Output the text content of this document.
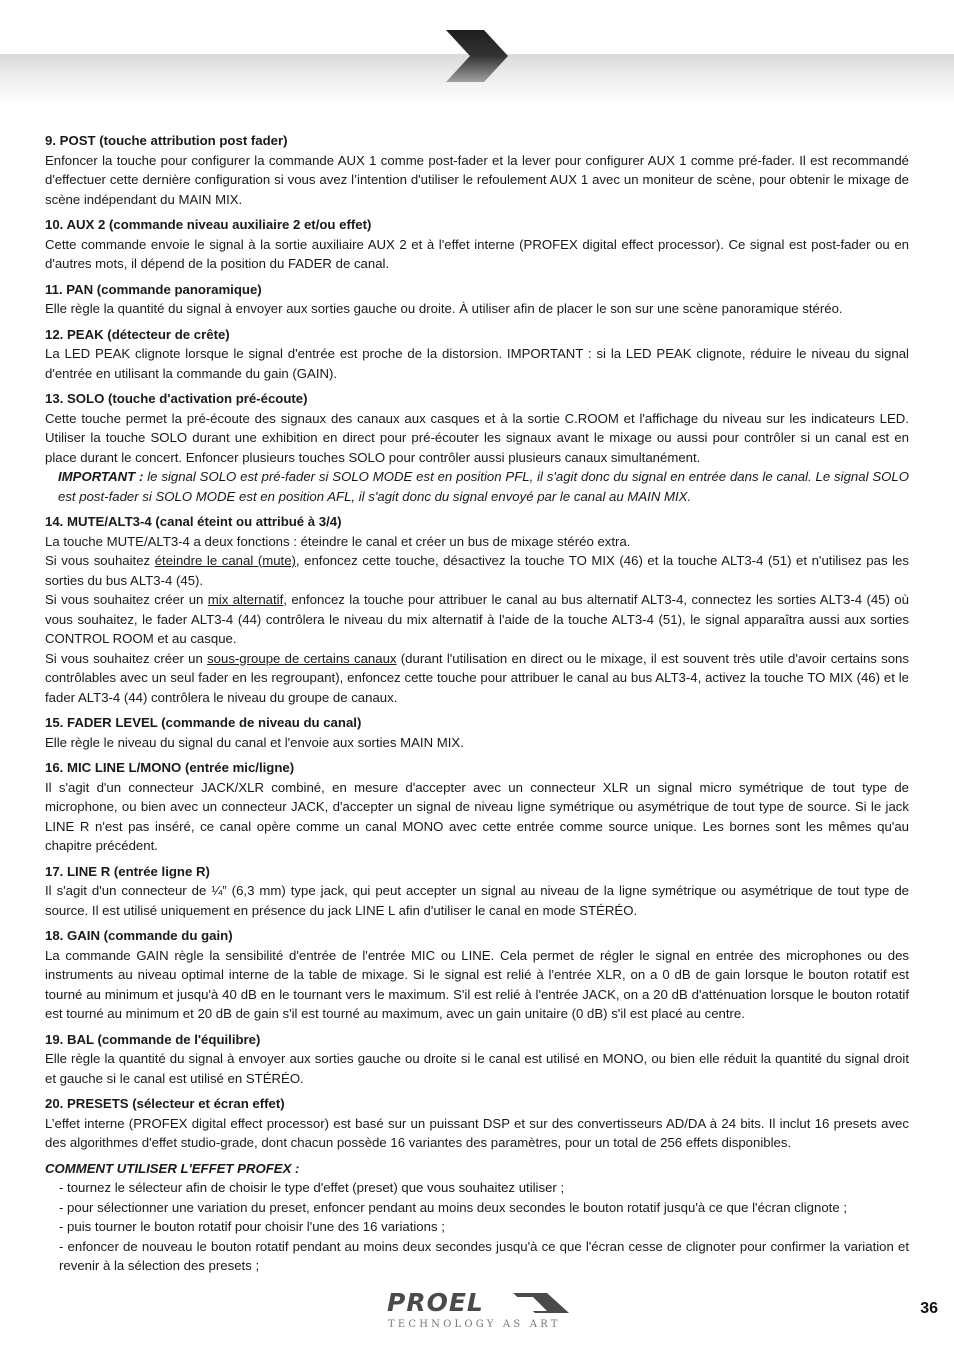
9. POST (touche attribution post fader)

Enfoncer la touche pour configurer la commande AUX 1 comme post-fader et la lever pour configurer AUX 1 comme pré-fader. Il est recommandé d'effectuer cette dernière configuration si vous avez l’intention d'utiliser le refoulement AUX 1 avec un moniteur de scène, pour obtenir le mixage de scène indépendant du MAIN MIX.

10. AUX 2 (commande niveau auxiliaire 2 et/ou effet)

Cette commande envoie le signal à la sortie auxiliaire AUX 2 et à l'effet interne (PROFEX digital effect processor). Ce signal est post-fader ou en d'autres mots, il dépend de la position du FADER de canal.

11. PAN (commande panoramique)

Elle règle la quantité du signal à envoyer aux sorties gauche ou droite. À utiliser afin de placer le son sur une scène panoramique stéréo.

12. PEAK (détecteur de crête)

La LED PEAK clignote lorsque le signal d'entrée est proche de la distorsion. IMPORTANT : si la LED PEAK clignote, réduire le niveau du signal d'entrée en utilisant la commande du gain (GAIN).

13. SOLO (touche d'activation pré-écoute)

Cette touche permet la pré-écoute des signaux des canaux aux casques et à la sortie C.ROOM et l'affichage du niveau sur les indicateurs LED. Utiliser la touche SOLO durant une exhibition en direct pour pré-écouter les signaux avant le mixage ou aussi pour contrôler si un canal est en place durant le concert. Enfoncer plusieurs touches SOLO pour contrôler aussi plusieurs canaux simultanément.

IMPORTANT : le signal SOLO est pré-fader si SOLO MODE est en position PFL, il s'agit donc du signal en entrée dans le canal. Le signal SOLO est post-fader si SOLO MODE est en position AFL, il s'agit donc du signal envoyé par le canal au MAIN MIX.

14. MUTE/ALT3-4 (canal éteint ou attribué à 3/4)

La touche MUTE/ALT3-4 a deux fonctions : éteindre le canal et créer un bus de mixage stéréo extra.

Si vous souhaitez éteindre le canal (mute), enfoncez cette touche, désactivez la touche TO MIX (46) et la touche ALT3-4 (51) et n'utilisez pas les sorties du bus ALT3-4 (45).

Si vous souhaitez créer un mix alternatif, enfoncez la touche pour attribuer le canal au bus alternatif ALT3-4, connectez les sorties ALT3-4 (45) où vous souhaitez, le fader ALT3-4 (44) contrôlera le niveau du mix alternatif à l'aide de la touche ALT3-4 (51), le signal apparaîtra aussi aux sorties CONTROL ROOM et au casque.

Si vous souhaitez créer un sous-groupe de certains canaux (durant l'utilisation en direct ou le mixage, il est souvent très utile d'avoir certains sons contrôlables avec un seul fader en les regroupant), enfoncez cette touche pour attribuer le canal au bus ALT3-4, activez la touche TO MIX (46) et le fader ALT3-4 (44) contrôlera le niveau du groupe de canaux.

15. FADER LEVEL (commande de niveau du canal)

Elle règle le niveau du signal du canal et l'envoie aux sorties MAIN MIX.

16. MIC LINE L/MONO (entrée mic/ligne)

Il s'agit d'un connecteur JACK/XLR combiné, en mesure d'accepter avec un connecteur XLR un signal micro symétrique de tout type de microphone, ou bien avec un connecteur JACK, d'accepter un signal de niveau ligne symétrique ou asymétrique de tout type de source. Si le jack LINE R n'est pas inséré, ce canal opère comme un canal MONO avec cette entrée comme source unique. Les bornes sont les mêmes qu'au chapitre précédent.

17. LINE R (entrée ligne R)

Il s'agit d'un connecteur de ¼” (6,3 mm) type jack, qui peut accepter un signal au niveau de la ligne symétrique ou asymétrique de tout type de source. Il est utilisé uniquement en présence du jack LINE L afin d'utiliser le canal en mode STÉRÉO.

18. GAIN (commande du gain)

La commande GAIN règle la sensibilité d'entrée de l'entrée MIC ou LINE. Cela permet de régler le signal en entrée des microphones ou des instruments au niveau optimal interne de la table de mixage. Si le signal est relié à l'entrée XLR, on a 0 dB de gain lorsque le bouton rotatif est tourné au minimum et jusqu'à 40 dB en le tournant vers le maximum. S'il est relié à l'entrée JACK, on a 20 dB d'atténuation lorsque le bouton rotatif est tourné au minimum et 20 dB de gain s'il est tourné au maximum, avec un gain unitaire (0 dB) s'il est placé au centre.

19. BAL (commande de l'équilibre)

Elle règle la quantité du signal à envoyer aux sorties gauche ou droite si le canal est utilisé en MONO, ou bien elle réduit la quantité du signal droit et gauche si le canal est utilisé en STÉRÉO.

20. PRESETS (sélecteur et écran effet)

L’effet interne (PROFEX digital effect processor) est basé sur un puissant DSP et sur des convertisseurs AD/DA à 24 bits. Il inclut 16 presets avec des algorithmes d'effet studio-grade, dont chacun possède 16 variantes des paramètres, pour un total de 256 effets disponibles.

COMMENT UTILISER L'EFFET PROFEX :

- tournez le sélecteur afin de choisir le type d'effet (preset) que vous souhaitez utiliser ;

- pour sélectionner une variation du preset, enfoncer pendant au moins deux secondes le bouton rotatif jusqu'à ce que l'écran clignote ;

- puis tourner le bouton rotatif pour choisir l'une des 16 variations ;

- enfoncer de nouveau le bouton rotatif pendant au moins deux secondes jusqu'à ce que l'écran cesse de clignoter pour confirmer la variation et revenir à la sélection des presets ;

PROEL
TECHNOLOGY AS ART
36
